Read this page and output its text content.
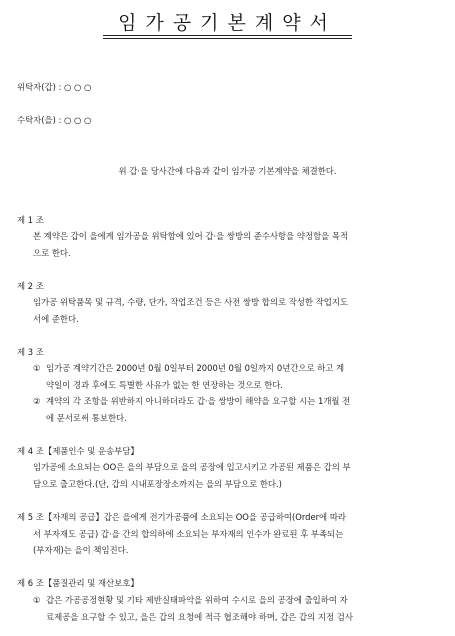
임가공기본계약서
위탁자(갑) : ○ ○ ○
수탁자(을) : ○ ○ ○
위 갑·을 당사간에 다음과 같이 임가공 기본계약을 체결한다.
제 1 조
본 계약은 갑이 을에게 임가공을 위탁함에 있어 갑·을 쌍방의 준수사항을 약정함을 목적
으로 한다.
제 2 조
임가공 위탁품목 및 규격, 수량, 단가, 작업조건 등은 사전 쌍방 합의로 작성한 작업지도
서에 준한다.
제 3 조
① 임가공 계약기간은 2000년 0월 0일부터 2000년 0월 0일까지 0년간으로 하고 계
약일이 경과 후에도 특별한 사유가 없는 한 연장하는 것으로 한다.
② 계약의 각 조항을 위반하지 아니하더라도 갑·을 쌍방이 해약을 요구할 시는 1개월 전
에 문서로써 통보한다.
제 4 조【제품인수 및 운송부담】
임가공에 소요되는 OO은 을의 부담으로 을의 공장에 입고시키고 가공된 제품은 갑의 부
담으로 출고한다.(단, 갑의 시내포장장소까지는 을의 부담으로 한다.)
제 5 조【자재의 공급】갑은 을에게 전기가공품에 소요되는 OO을 공급하여(Order에 따라
서 부자재도 공급) 갑·을 간의 합의하에 소요되는 부자재의 인수가 완료된 후 부족되는
(부자재)는 을이 책임진다.
제 6 조【품질관리 및 재산보호】
① 갑은 가공공정현황 및 기타 제반실태파악을 위하여 수시로 을의 공장에 출입하여 자
료제공을 요구할 수 있고, 을은 갑의 요청에 적극 협조해야 하며, 갑은 갑의 지정 검사
